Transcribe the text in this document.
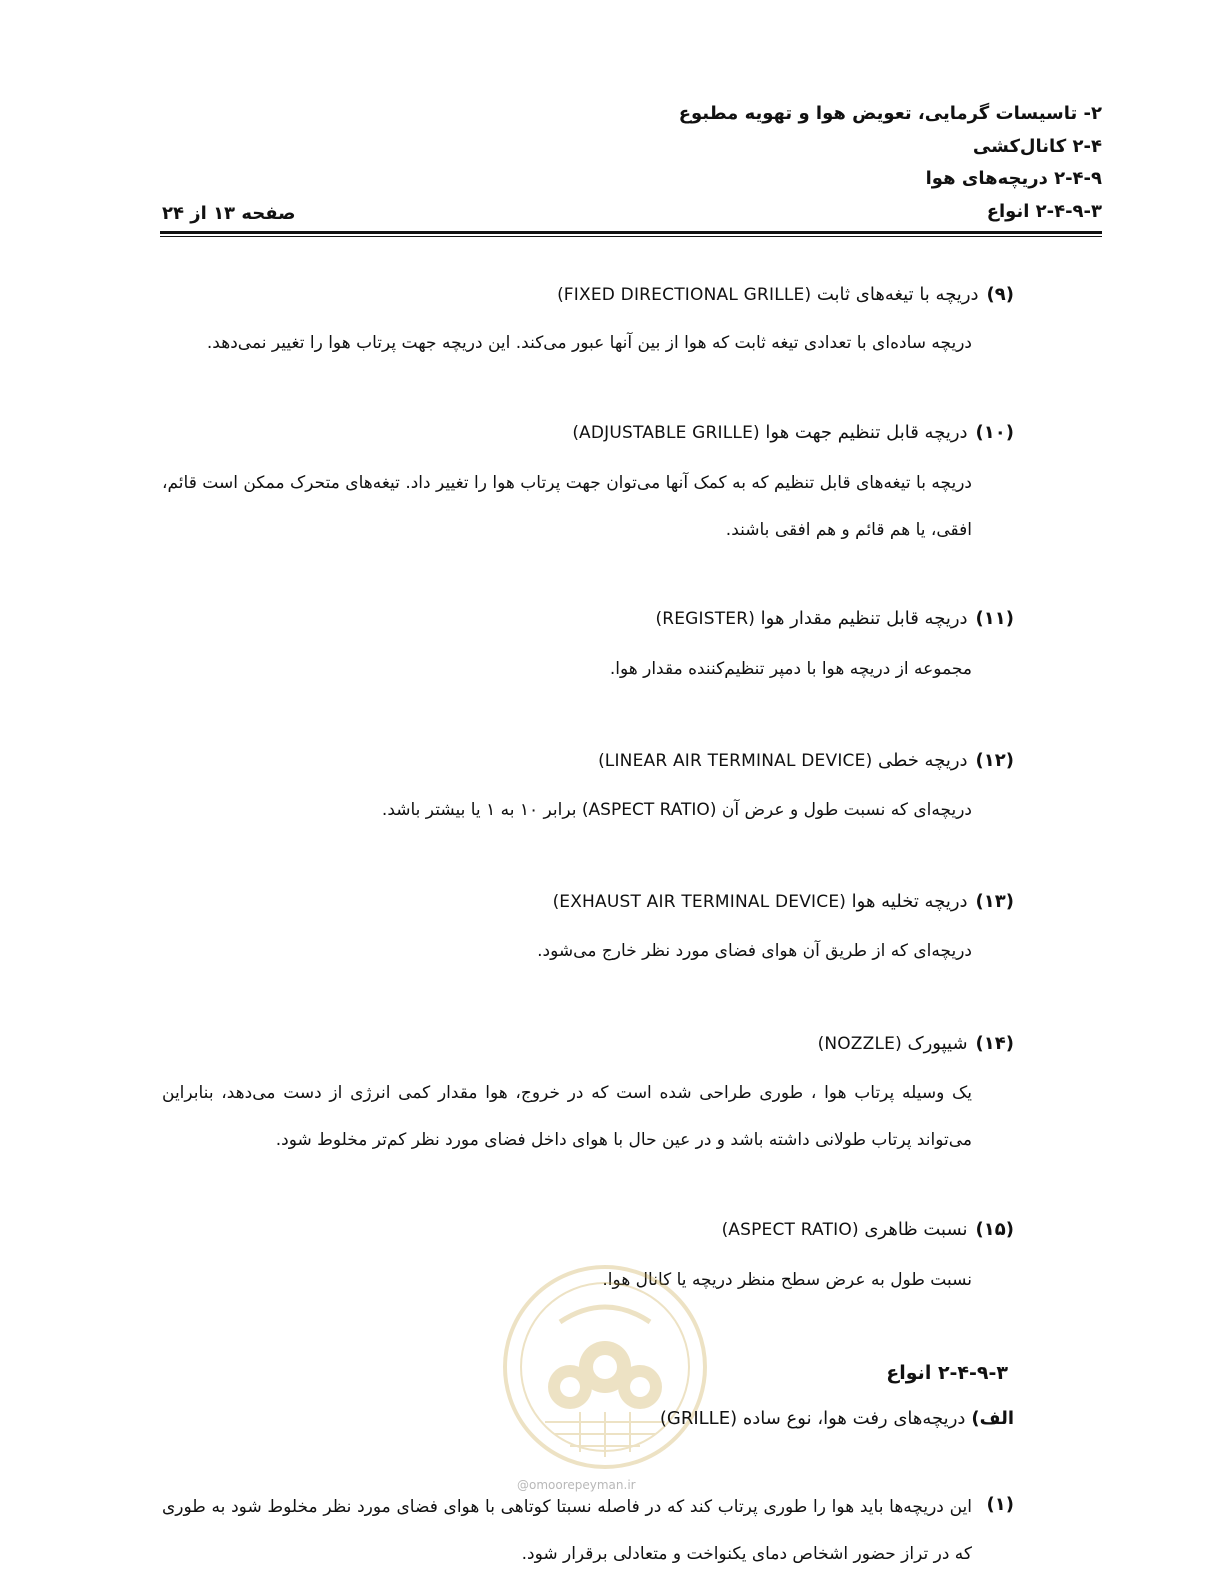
۲- تاسیسات گرمایی، تعویض هوا و تهویه مطبوع
۲-۴ کانال‌کشی
۲-۴-۹ دریچه‌های هوا
۲-۴-۹-۳ انواع
صفحه ۱۳ از ۲۴
(۹)دریچه با تیغه‌های ثابت (FIXED DIRECTIONAL GRILLE)
دریچه ساده‌ای با تعدادی تیغه ثابت که هوا از بین آنها عبور می‌کند. این دریچه جهت پرتاب هوا را تغییر نمی‌دهد.
(۱۰)دریچه قابل تنظیم جهت هوا (ADJUSTABLE GRILLE)
دریچه با تیغه‌های قابل تنظیم که به کمک آنها می‌توان جهت پرتاب هوا را تغییر داد. تیغه‌های متحرک ممکن است قائم، افقی، یا هم قائم و هم افقی باشند.
(۱۱)دریچه قابل تنظیم مقدار هوا (REGISTER)
مجموعه از دریچه هوا با دمپر تنظیم‌کننده مقدار هوا.
(۱۲)دریچه خطی (LINEAR AIR TERMINAL DEVICE)
دریچه‌ای که نسبت طول و عرض آن (ASPECT RATIO) برابر ۱۰ به ۱ یا بیشتر باشد.
(۱۳)دریچه تخلیه هوا (EXHAUST AIR TERMINAL DEVICE)
دریچه‌ای که از طریق آن هوای فضای مورد نظر خارج می‌شود.
(۱۴)شیپورک (NOZZLE)
یک وسیله پرتاب هوا ، طوری طراحی شده است که در خروج، هوا مقدار کمی انرژی از دست می‌دهد، بنابراین می‌تواند پرتاب طولانی داشته باشد و در عین حال با هوای داخل فضای مورد نظر کم‌تر مخلوط شود.
(۱۵)نسبت ظاهری (ASPECT RATIO)
نسبت طول به عرض سطح منظر دریچه یا کانال هوا.
@omoorepeyman.ir
۲-۴-۹-۳ انواع
الف)دریچه‌های رفت هوا، نوع ساده (GRILLE)
(۱)
این دریچه‌ها باید هوا را طوری پرتاب کند که در فاصله نسبتا کوتاهی با هوای فضای مورد نظر مخلوط شود به طوری که در تراز حضور اشخاص دمای یکنواخت و متعادلی برقرار شود.
